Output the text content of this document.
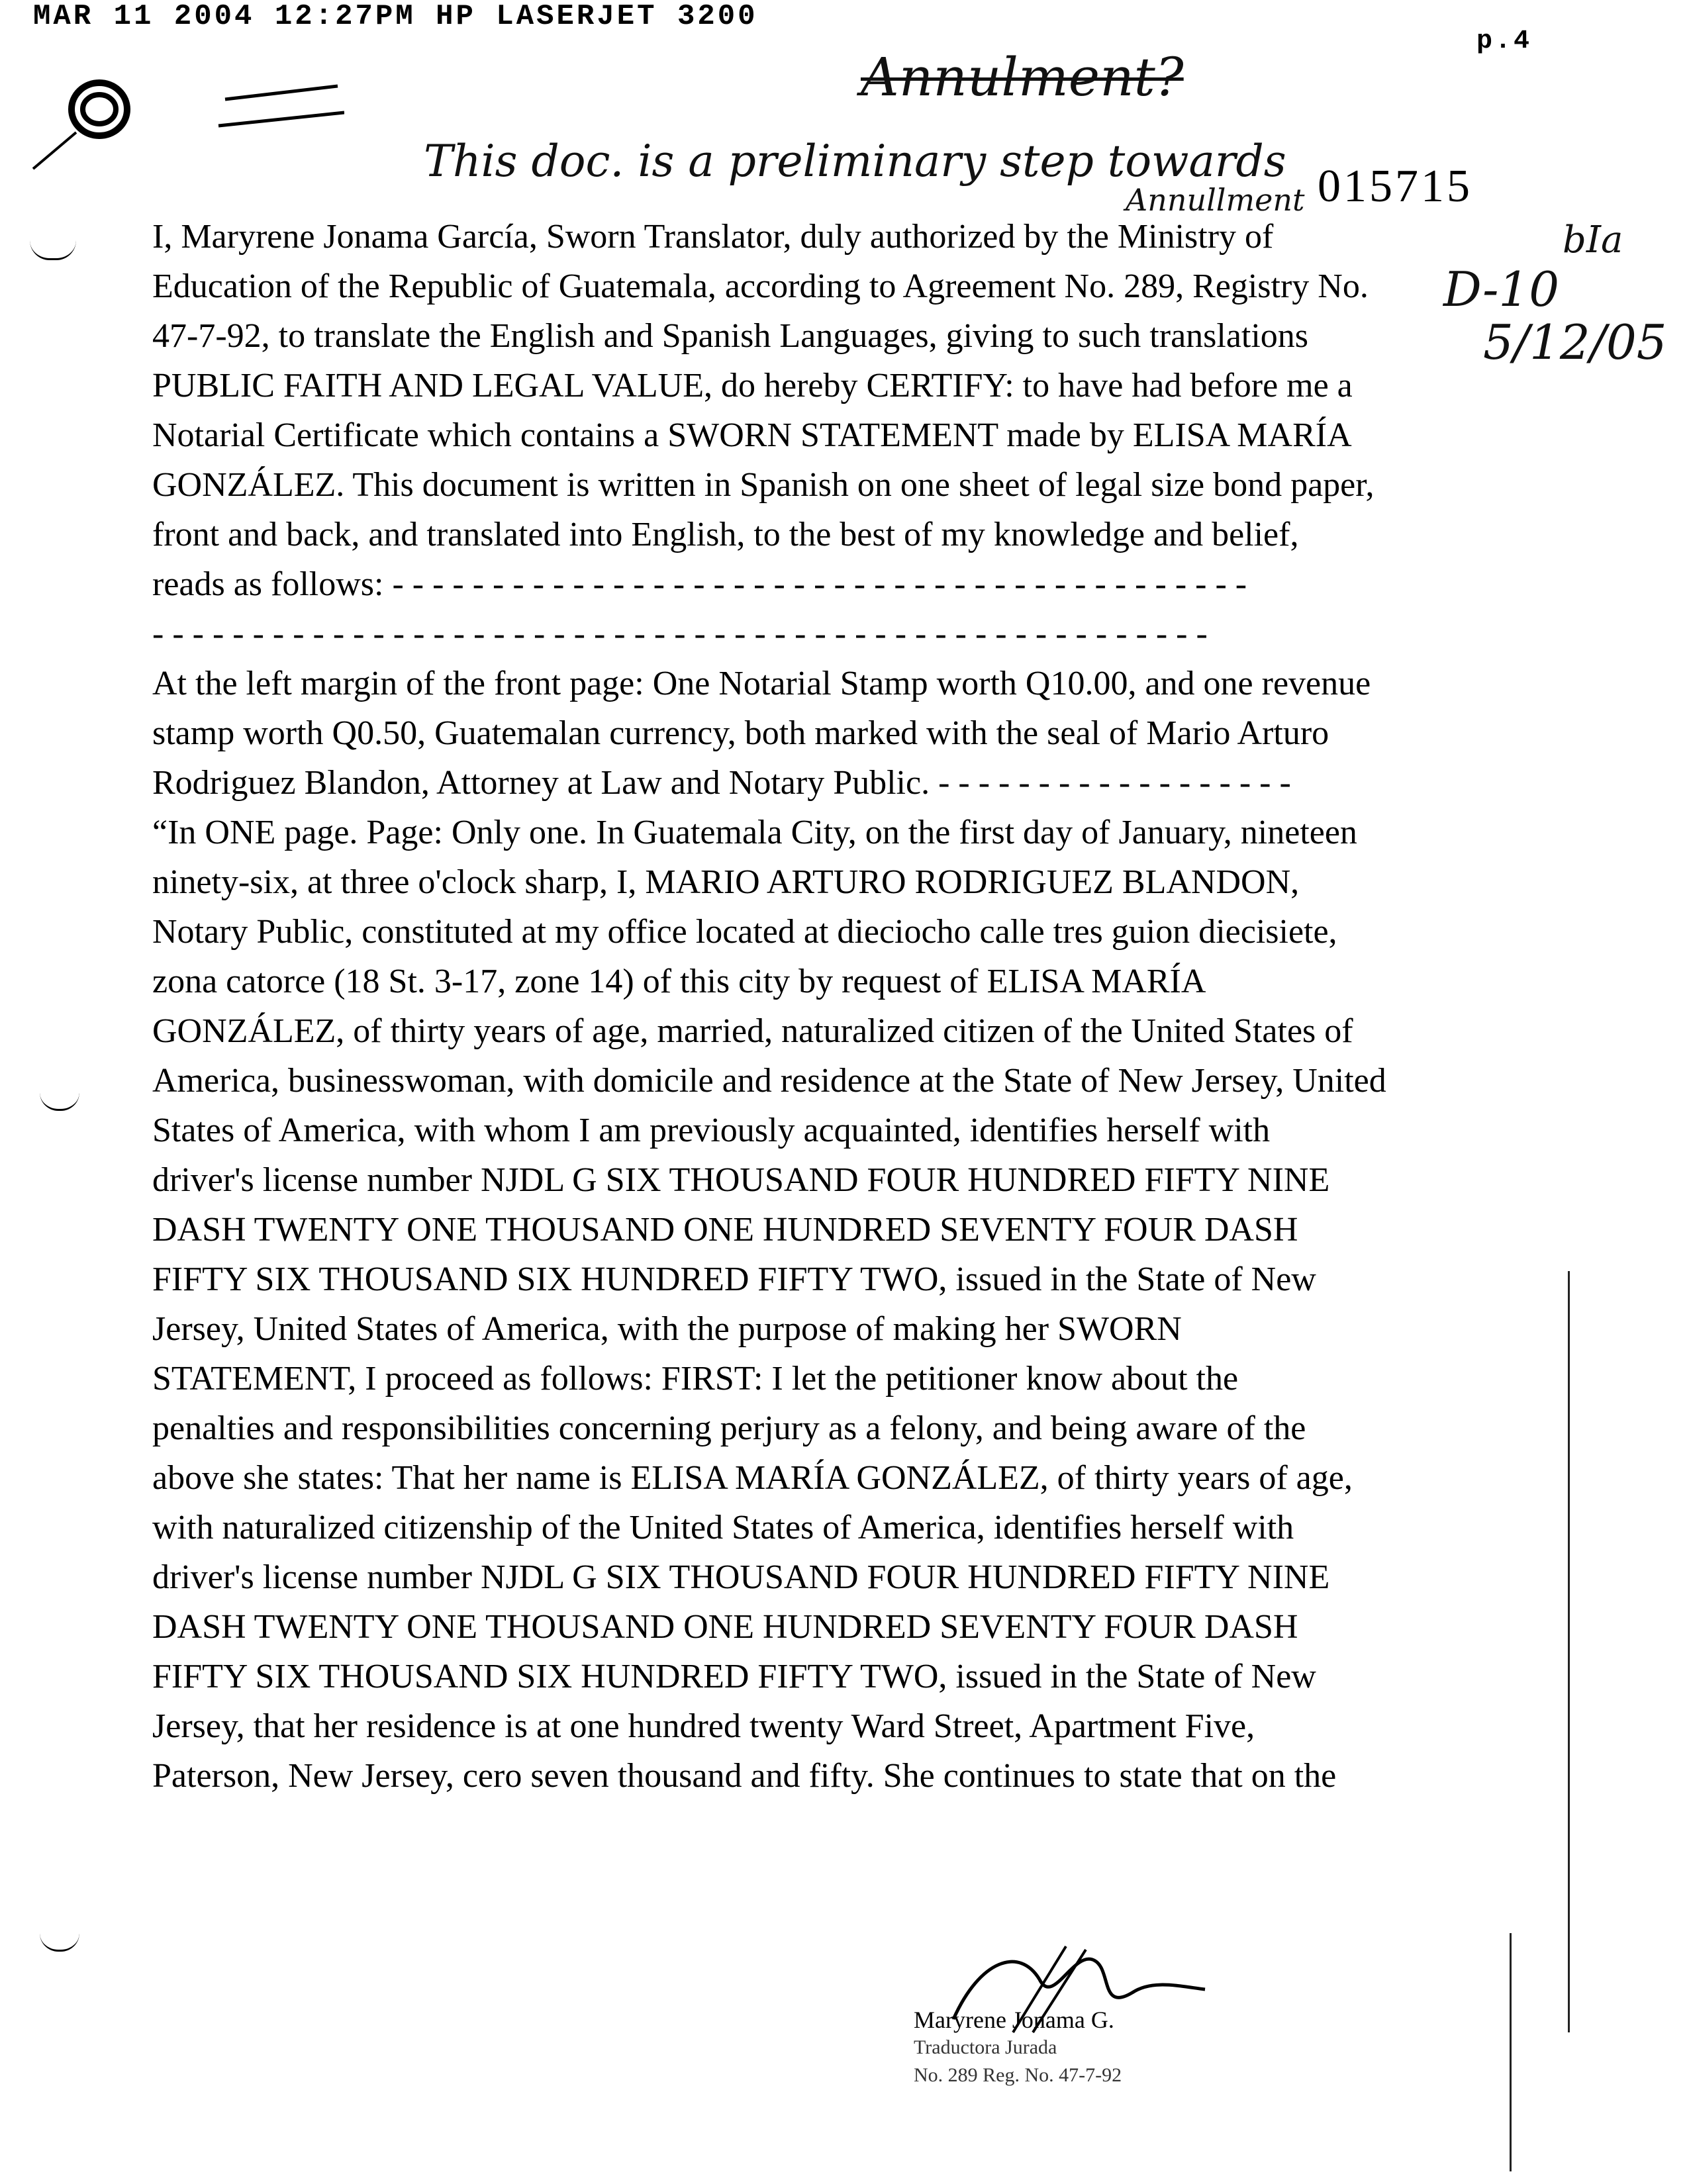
MAR 11 2004 12:27PM HP LASERJET 3200
p.4
Annulment?
This doc. is a preliminary step towards
Annullment 015715
D-10
bIa
5/12/05
I, Maryrene Jonama García, Sworn Translator, duly authorized by the Ministry of
Education of the Republic of Guatemala, according to Agreement No. 289, Registry No.
47-7-92, to translate the English and Spanish Languages, giving to such translations
PUBLIC FAITH AND LEGAL VALUE, do hereby CERTIFY: to have had before me a
Notarial Certificate which contains a SWORN STATEMENT made by ELISA MARÍA
GONZÁLEZ. This document is written in Spanish on one sheet of legal size bond paper,
front and back, and translated into English, to the best of my knowledge and belief,
reads as follows: - - - - - - - - - - - - - - - - - - - - - - - - - - - - - - - - - - - - - - - - - - -
- - - - - - - - - - - - - - - - - - - - - - - - - - - - - - - - - - - - - - - - - - - - - - - - - - - - -
At the left margin of the front page: One Notarial Stamp worth Q10.00, and one revenue
stamp worth Q0.50, Guatemalan currency, both marked with the seal of Mario Arturo
Rodriguez Blandon, Attorney at Law and Notary Public. - - - - - - - - - - - - - - - - - -
“In ONE page. Page: Only one. In Guatemala City, on the first day of January, nineteen
ninety-six, at three o'clock sharp, I, MARIO ARTURO RODRIGUEZ BLANDON,
Notary Public, constituted at my office located at dieciocho calle tres guion diecisiete,
zona catorce (18 St. 3-17, zone 14) of this city by request of ELISA MARÍA
GONZÁLEZ, of thirty years of age, married, naturalized citizen of the United States of
America, businesswoman, with domicile and residence at the State of New Jersey, United
States of America, with whom I am previously acquainted, identifies herself with
driver's license number NJDL G SIX THOUSAND FOUR HUNDRED FIFTY NINE
DASH TWENTY ONE THOUSAND ONE HUNDRED SEVENTY FOUR DASH
FIFTY SIX THOUSAND SIX HUNDRED FIFTY TWO, issued in the State of New
Jersey, United States of America, with the purpose of making her SWORN
STATEMENT, I proceed as follows: FIRST: I let the petitioner know about the
penalties and responsibilities concerning perjury as a felony, and being aware of the
above she states: That her name is ELISA MARÍA GONZÁLEZ, of thirty years of age,
with naturalized citizenship of the United States of America, identifies herself with
driver's license number NJDL G SIX THOUSAND FOUR HUNDRED FIFTY NINE
DASH TWENTY ONE THOUSAND ONE HUNDRED SEVENTY FOUR DASH
FIFTY SIX THOUSAND SIX HUNDRED FIFTY TWO, issued in the State of New
Jersey, that her residence is at one hundred twenty Ward Street, Apartment Five,
Paterson, New Jersey, cero seven thousand and fifty. She continues to state that on the
Maryrene Jonama G.
Traductora Jurada
No. 289 Reg. No. 47-7-92
